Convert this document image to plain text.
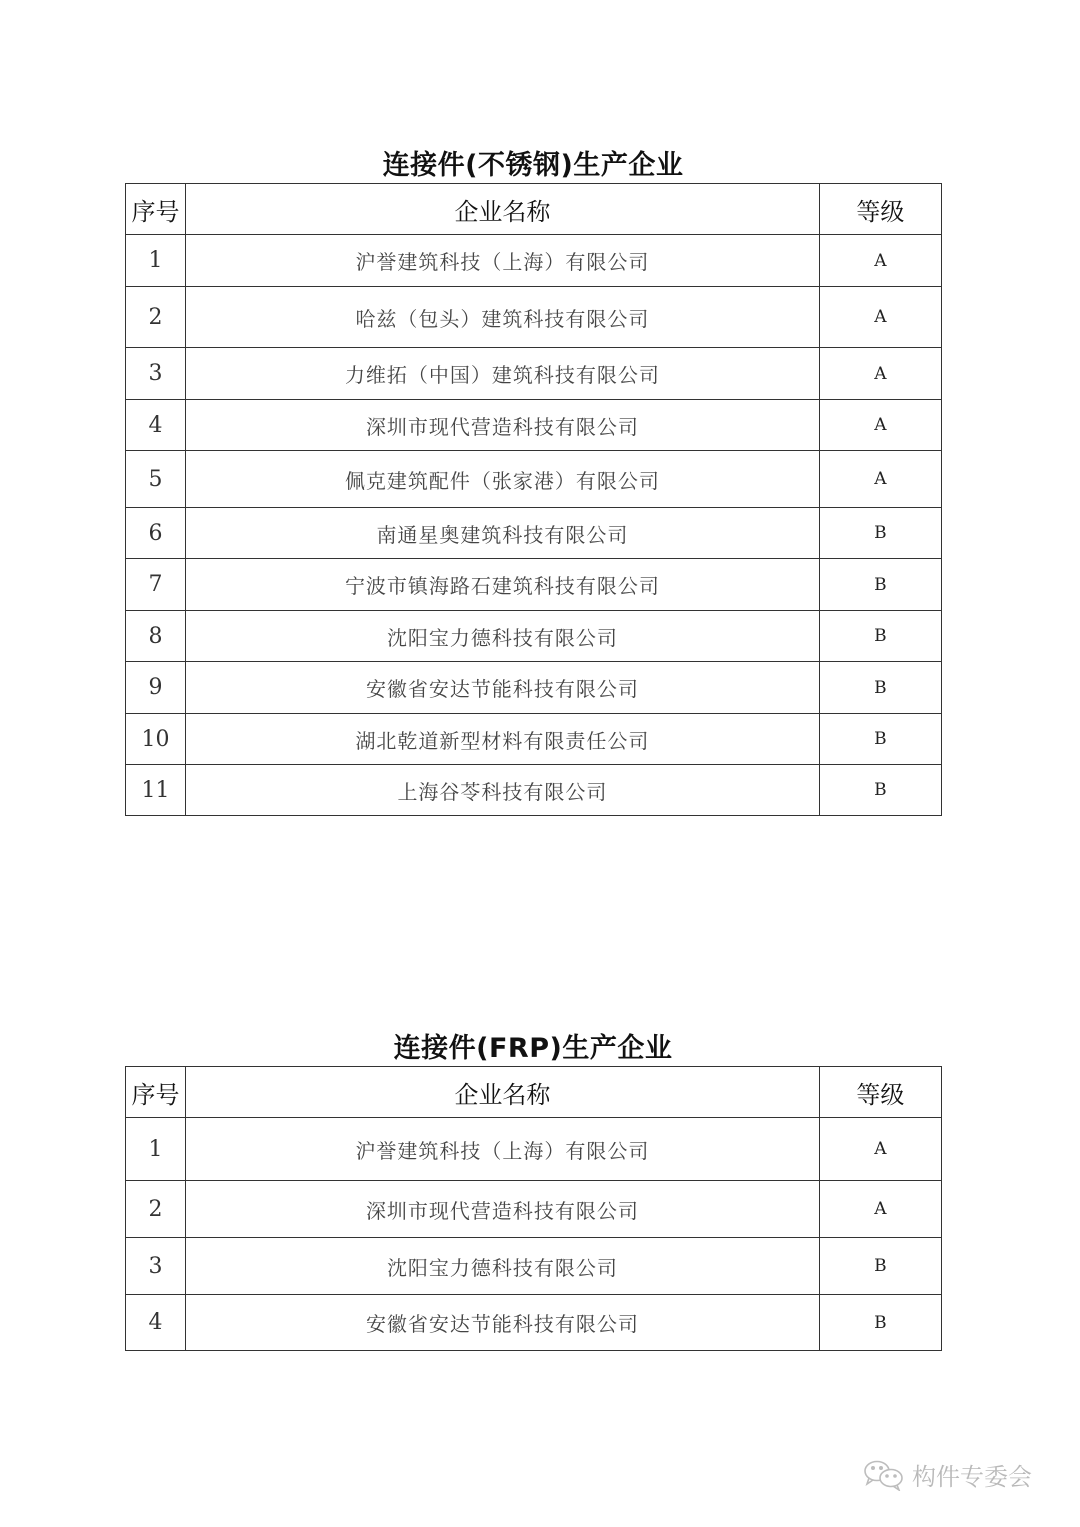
连接件(不锈钢)生产企业
序号	企业名称	等级
1	沪誉建筑科技（上海）有限公司	A
2	哈兹（包头）建筑科技有限公司	A
3	力维拓（中国）建筑科技有限公司	A
4	深圳市现代营造科技有限公司	A
5	佩克建筑配件（张家港）有限公司	A
6	南通星奥建筑科技有限公司	B
7	宁波市镇海路石建筑科技有限公司	B
8	沈阳宝力德科技有限公司	B
9	安徽省安达节能科技有限公司	B
10	湖北乾道新型材料有限责任公司	B
11	上海谷苓科技有限公司	B
连接件(FRP)生产企业
序号	企业名称	等级
1	沪誉建筑科技（上海）有限公司	A
2	深圳市现代营造科技有限公司	A
3	沈阳宝力德科技有限公司	B
4	安徽省安达节能科技有限公司	B
构件专委会
